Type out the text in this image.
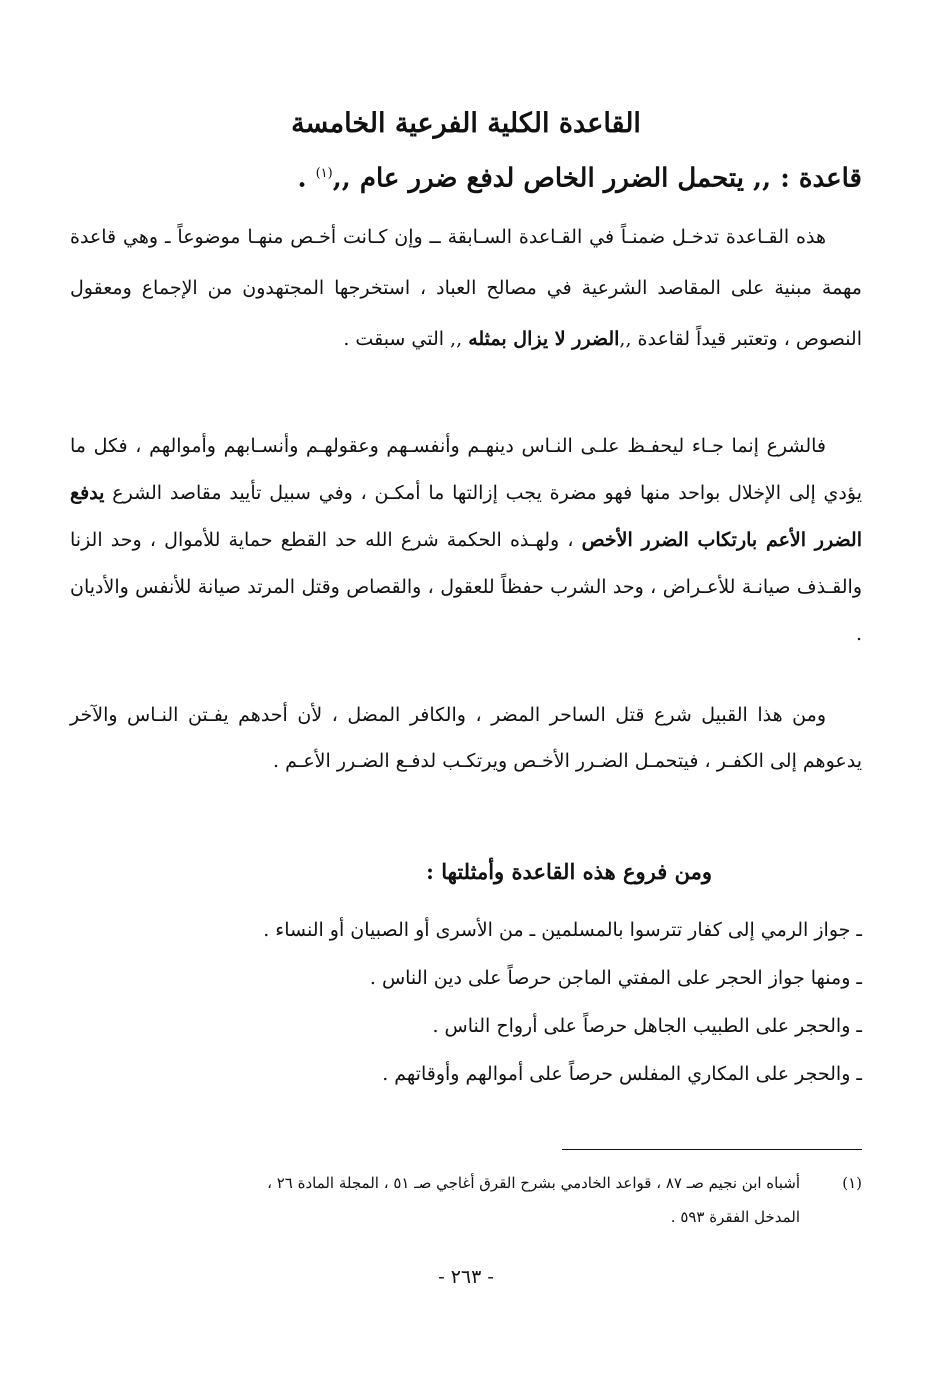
القاعدة الكلية الفرعية الخامسة
قاعدة : ,, يتحمل الضرر الخاص لدفع ضرر عام ,,$^{(١)}$ .

هذه القـاعدة تدخـل ضمنـاً في القـاعدة السـابقة ــ وإن كـانت أخـص منهـا موضوعاً ـ وهي قاعدة مهمة مبنية على المقاصد الشرعية في مصالح العباد ، استخرجها المجتهدون من الإجماع ومعقول النصوص ، وتعتبر قيداً لقاعدة ,,الضرر لا يزال بمثله ,, التي سبقت .

فالشرع إنما جـاء ليحفـظ علـى النـاس دينهـم وأنفسـهم وعقولهـم وأنسـابهم وأموالهم ، فكل ما يؤدي إلى الإخلال بواحد منها فهو مضرة يجب إزالتها ما أمكـن ، وفي سبيل تأييد مقاصد الشرع يدفع الضرر الأعم بارتكاب الضرر الأخص ، ولهـذه الحكمة شرع الله حد القطع حماية للأموال ، وحد الزنا والقـذف صيانـة للأعـراض ، وحد الشرب حفظاً للعقول ، والقصاص وقتل المرتد صيانة للأنفس والأديان .

ومن هذا القبيل شرع قتل الساحر المضر ، والكافر المضل ، لأن أحدهم يفـتن النـاس والآخر يدعوهم إلى الكفـر ، فيتحمـل الضـرر الأخـص ويرتكـب لدفـع الضـرر الأعـم .

ومن فروع هذه القاعدة وأمثلتها :
ـ جواز الرمي إلى كفار تترسوا بالمسلمين ـ من الأسرى أو الصبيان أو النساء .
ـ ومنها جواز الحجر على المفتي الماجن حرصاً على دين الناس .
ـ والحجر على الطبيب الجاهل حرصاً على أرواح الناس .
ـ والحجر على المكاري المفلس حرصاً على أموالهم وأوقاتهم .
(١)
أشباه ابن نجيم صـ ٨٧ ، قواعد الخادمي بشرح القرق أغاجي صـ ٥١ ، المجلة المادة ٢٦ ،
المدخل الفقرة ٥٩٣ .
- ٢٦٣ -
